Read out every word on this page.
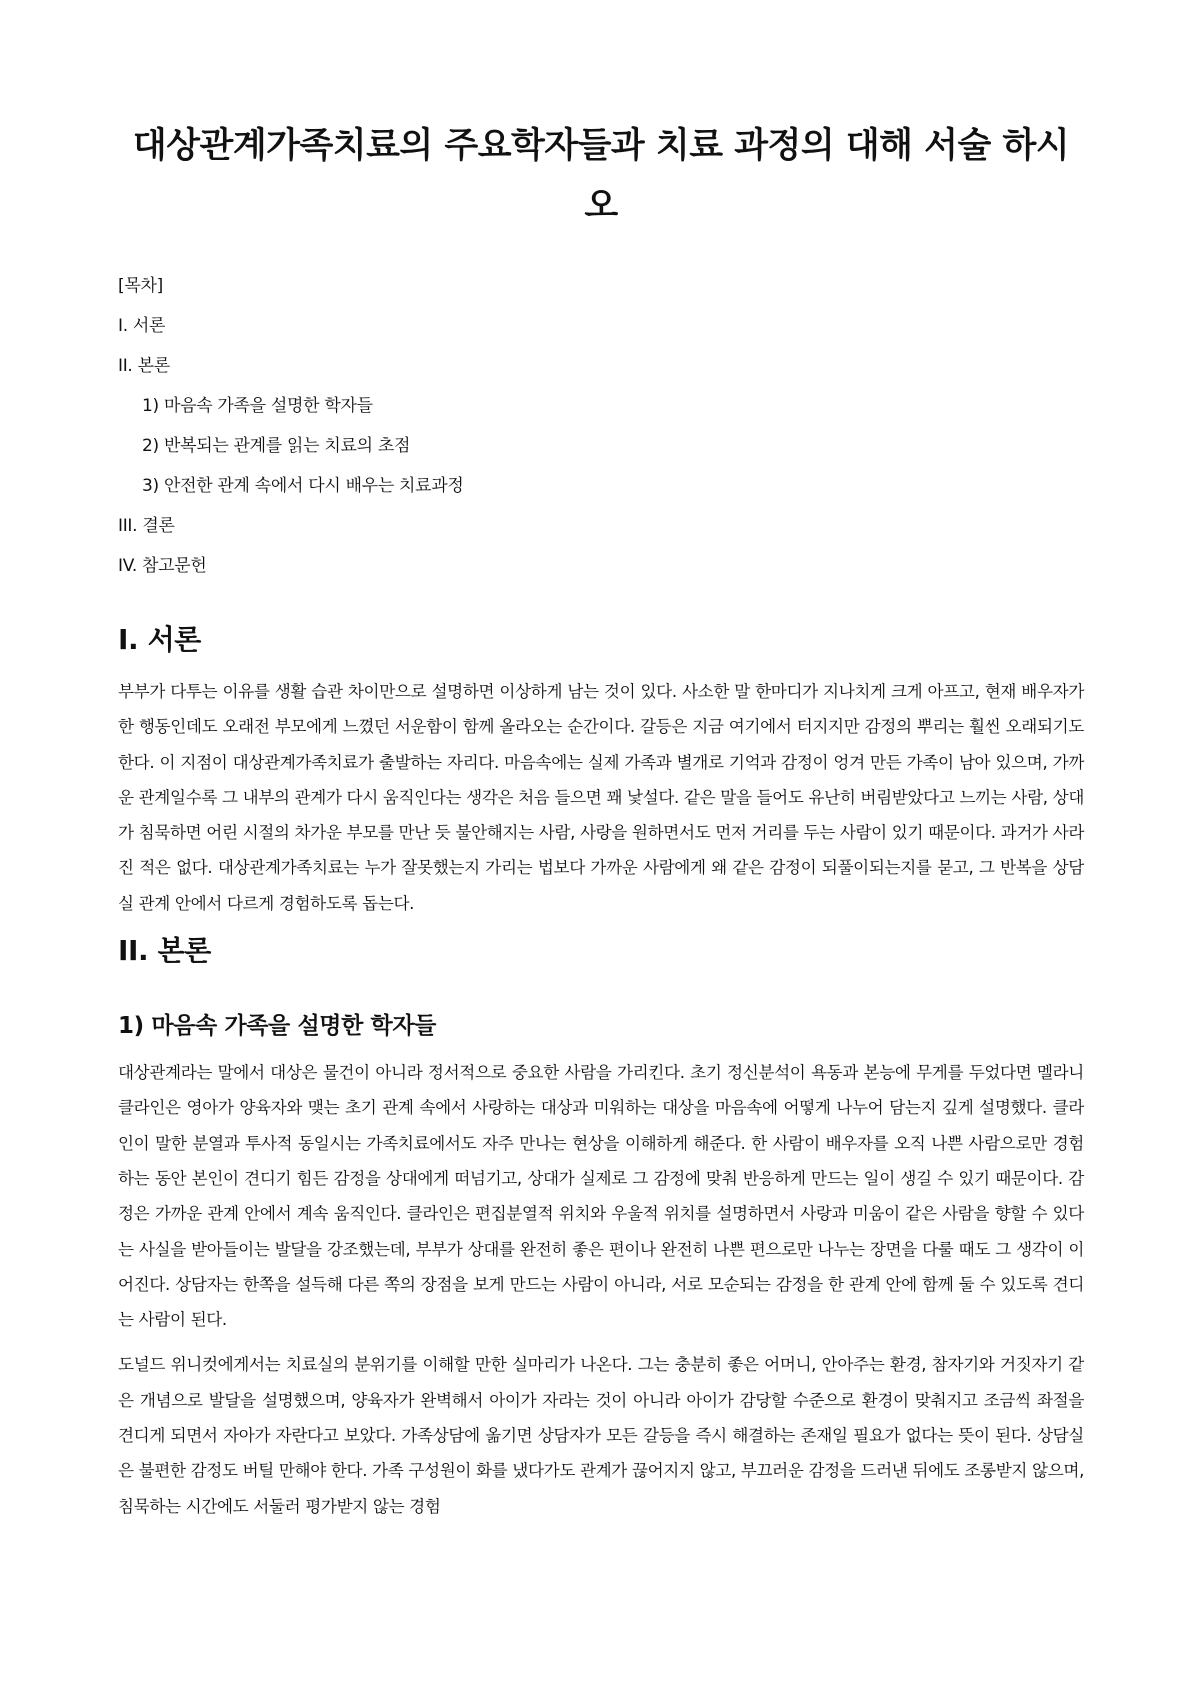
대상관계가족치료의 주요학자들과 치료 과정의 대해 서술 하시오
[목차]
I. 서론
II. 본론
1) 마음속 가족을 설명한 학자들
2) 반복되는 관계를 읽는 치료의 초점
3) 안전한 관계 속에서 다시 배우는 치료과정
III. 결론
IV. 참고문헌
I. 서론

부부가 다투는 이유를 생활 습관 차이만으로 설명하면 이상하게 남는 것이 있다. 사소한 말 한마디가 지나치게 크게 아프고, 현재 배우자가 한 행동인데도 오래전 부모에게 느꼈던 서운함이 함께 올라오는 순간이다. 갈등은 지금 여기에서 터지지만 감정의 뿌리는 훨씬 오래되기도 한다. 이 지점이 대상관계가족치료가 출발하는 자리다. 마음속에는 실제 가족과 별개로 기억과 감정이 엉겨 만든 가족이 남아 있으며, 가까운 관계일수록 그 내부의 관계가 다시 움직인다는 생각은 처음 들으면 꽤 낯설다. 같은 말을 들어도 유난히 버림받았다고 느끼는 사람, 상대가 침묵하면 어린 시절의 차가운 부모를 만난 듯 불안해지는 사람, 사랑을 원하면서도 먼저 거리를 두는 사람이 있기 때문이다. 과거가 사라진 적은 없다. 대상관계가족치료는 누가 잘못했는지 가리는 법보다 가까운 사람에게 왜 같은 감정이 되풀이되는지를 묻고, 그 반복을 상담실 관계 안에서 다르게 경험하도록 돕는다.

II. 본론
1) 마음속 가족을 설명한 학자들

대상관계라는 말에서 대상은 물건이 아니라 정서적으로 중요한 사람을 가리킨다. 초기 정신분석이 욕동과 본능에 무게를 두었다면 멜라니 클라인은 영아가 양육자와 맺는 초기 관계 속에서 사랑하는 대상과 미워하는 대상을 마음속에 어떻게 나누어 담는지 깊게 설명했다. 클라인이 말한 분열과 투사적 동일시는 가족치료에서도 자주 만나는 현상을 이해하게 해준다. 한 사람이 배우자를 오직 나쁜 사람으로만 경험하는 동안 본인이 견디기 힘든 감정을 상대에게 떠넘기고, 상대가 실제로 그 감정에 맞춰 반응하게 만드는 일이 생길 수 있기 때문이다. 감정은 가까운 관계 안에서 계속 움직인다. 클라인은 편집분열적 위치와 우울적 위치를 설명하면서 사랑과 미움이 같은 사람을 향할 수 있다는 사실을 받아들이는 발달을 강조했는데, 부부가 상대를 완전히 좋은 편이나 완전히 나쁜 편으로만 나누는 장면을 다룰 때도 그 생각이 이어진다. 상담자는 한쪽을 설득해 다른 쪽의 장점을 보게 만드는 사람이 아니라, 서로 모순되는 감정을 한 관계 안에 함께 둘 수 있도록 견디는 사람이 된다.

도널드 위니컷에게서는 치료실의 분위기를 이해할 만한 실마리가 나온다. 그는 충분히 좋은 어머니, 안아주는 환경, 참자기와 거짓자기 같은 개념으로 발달을 설명했으며, 양육자가 완벽해서 아이가 자라는 것이 아니라 아이가 감당할 수준으로 환경이 맞춰지고 조금씩 좌절을 견디게 되면서 자아가 자란다고 보았다. 가족상담에 옮기면 상담자가 모든 갈등을 즉시 해결하는 존재일 필요가 없다는 뜻이 된다. 상담실은 불편한 감정도 버틸 만해야 한다. 가족 구성원이 화를 냈다가도 관계가 끊어지지 않고, 부끄러운 감정을 드러낸 뒤에도 조롱받지 않으며, 침묵하는 시간에도 서둘러 평가받지 않는 경험
